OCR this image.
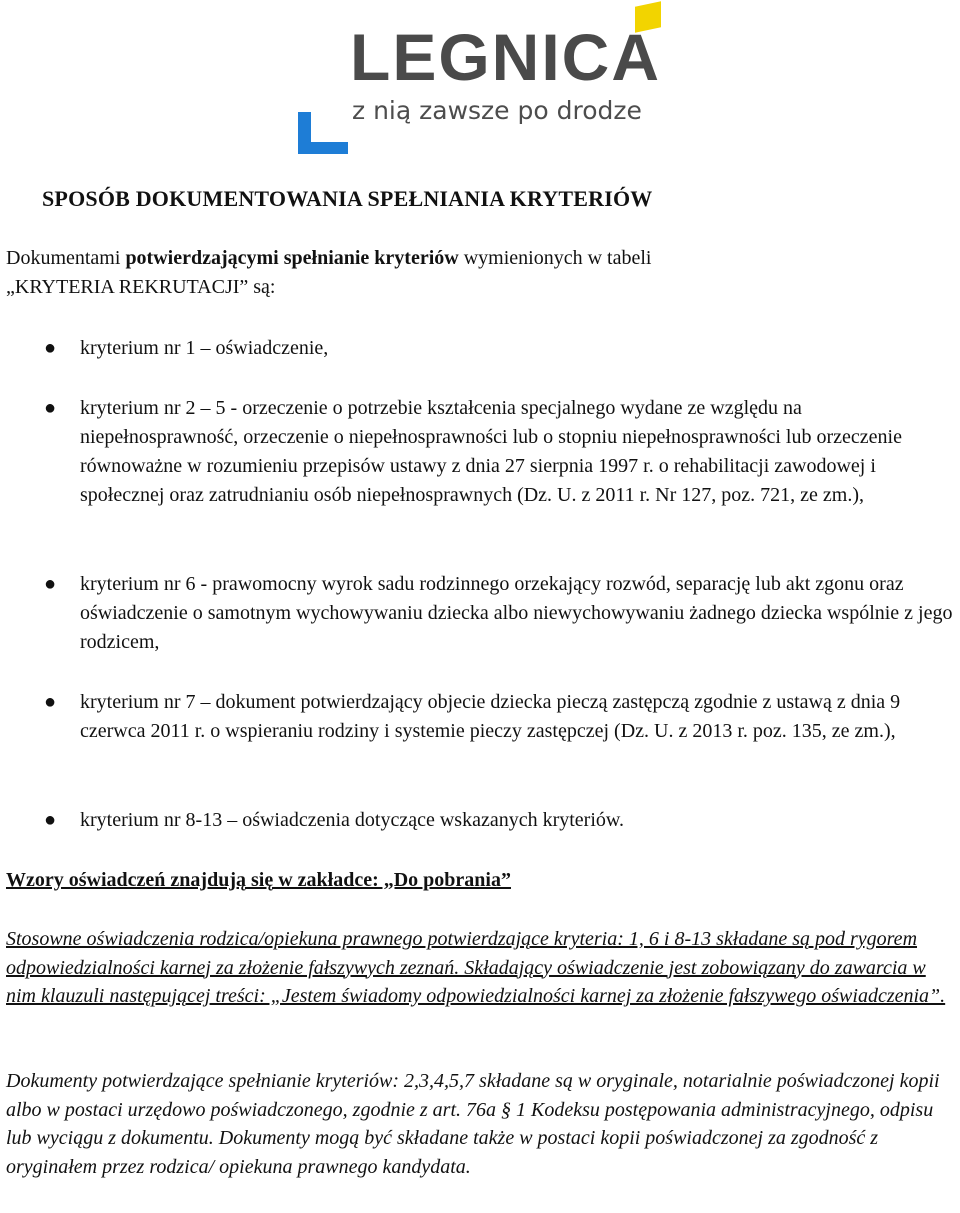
LEGNICA
z nią zawsze po drodze
SPOSÓB DOKUMENTOWANIA SPEŁNIANIA KRYTERIÓW
Dokumentami potwierdzającymi spełnianie kryteriów wymienionych w tabeli
„KRYTERIA REKRUTACJI” są:
● kryterium nr 1 – oświadczenie,
● kryterium nr 2 – 5 - orzeczenie o potrzebie kształcenia specjalnego wydane ze względu na niepełnosprawność, orzeczenie o niepełnosprawności lub o stopniu niepełnosprawności lub orzeczenie równoważne w rozumieniu przepisów ustawy z dnia 27 sierpnia 1997 r. o rehabilitacji zawodowej i społecznej oraz zatrudnianiu osób niepełnosprawnych (Dz. U. z 2011 r. Nr 127, poz. 721, ze zm.),
● kryterium nr 6 - prawomocny wyrok sadu rodzinnego orzekający rozwód, separację lub akt zgonu oraz oświadczenie o samotnym wychowywaniu dziecka albo niewychowywaniu żadnego dziecka wspólnie z jego rodzicem,
● kryterium nr 7 – dokument potwierdzający objecie dziecka pieczą zastępczą zgodnie z ustawą z dnia 9 czerwca 2011 r. o wspieraniu rodziny i systemie pieczy zastępczej (Dz. U. z 2013 r. poz. 135, ze zm.),
● kryterium nr 8-13 – oświadczenia dotyczące wskazanych kryteriów.
Wzory oświadczeń znajdują się w zakładce: „Do pobrania”
Stosowne oświadczenia rodzica/opiekuna prawnego potwierdzające kryteria: 1, 6 i 8-13 składane są pod rygorem odpowiedzialności karnej za złożenie fałszywych zeznań. Składający oświadczenie jest zobowiązany do zawarcia w nim klauzuli następującej treści: „Jestem świadomy odpowiedzialności karnej za złożenie fałszywego oświadczenia”.
Dokumenty potwierdzające spełnianie kryteriów: 2,3,4,5,7 składane są w oryginale, notarialnie poświadczonej kopii albo w postaci urzędowo poświadczonego, zgodnie z art. 76a § 1 Kodeksu postępowania administracyjnego, odpisu lub wyciągu z dokumentu. Dokumenty mogą być składane także w postaci kopii poświadczonej za zgodność z oryginałem przez rodzica/ opiekuna prawnego kandydata.
